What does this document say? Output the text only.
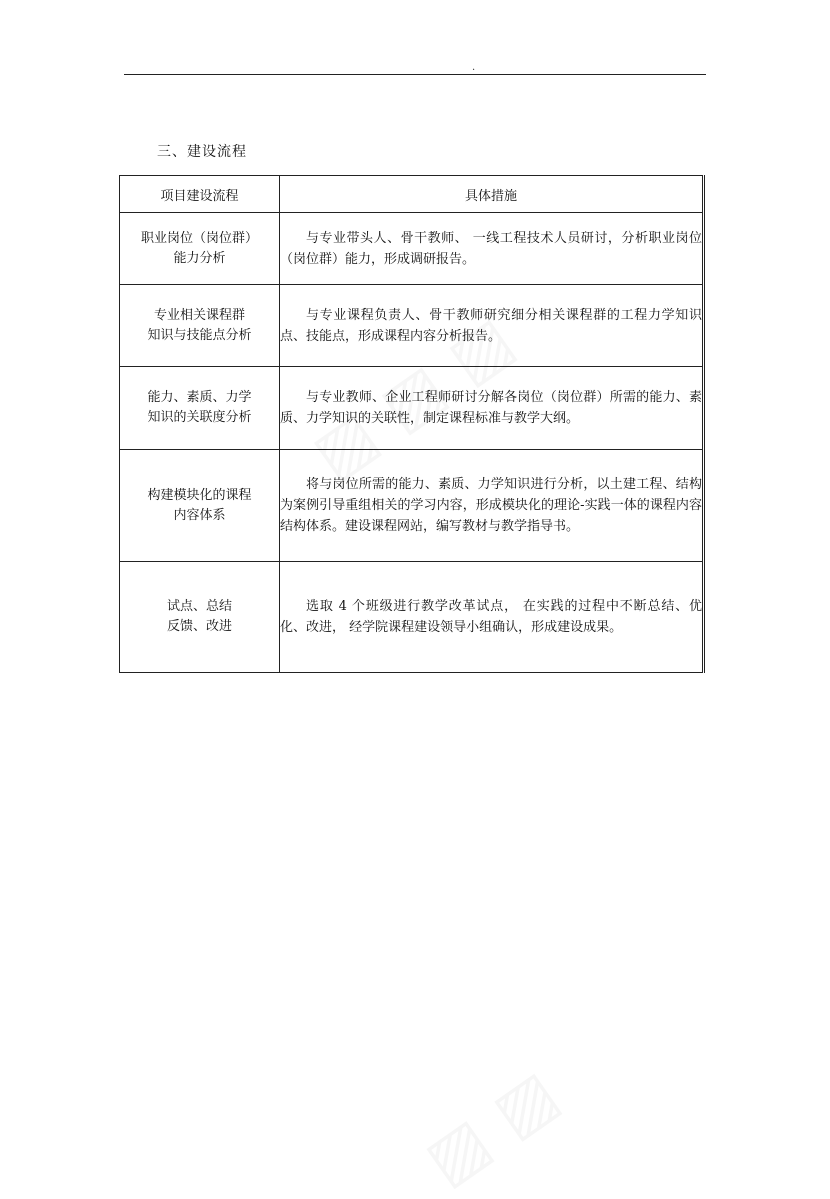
.
三、建设流程
项目建设流程	具体措施

职业岗位（岗位群）
能力分析	与专业带头人、骨干教师、 一线工程技术人员研讨，分析职业岗位（岗位群）能力，形成调研报告。

专业相关课程群
知识与技能点分析	与专业课程负责人、骨干教师研究细分相关课程群的工程力学知识点、技能点，形成课程内容分析报告。

能力、素质、力学
知识的关联度分析	与专业教师、企业工程师研讨分解各岗位（岗位群）所需的能力、素质、力学知识的关联性，制定课程标准与教学大纲。

构建模块化的课程
内容体系	将与岗位所需的能力、素质、力学知识进行分析，以土建工程、结构为案例引导重组相关的学习内容，形成模块化的理论-实践一体的课程内容结构体系。建设课程网站，编写教材与教学指导书。

试点、总结
反馈、改进	选取 4 个班级进行教学改革试点， 在实践的过程中不断总结、优化、改进， 经学院课程建设领导小组确认，形成建设成果。
